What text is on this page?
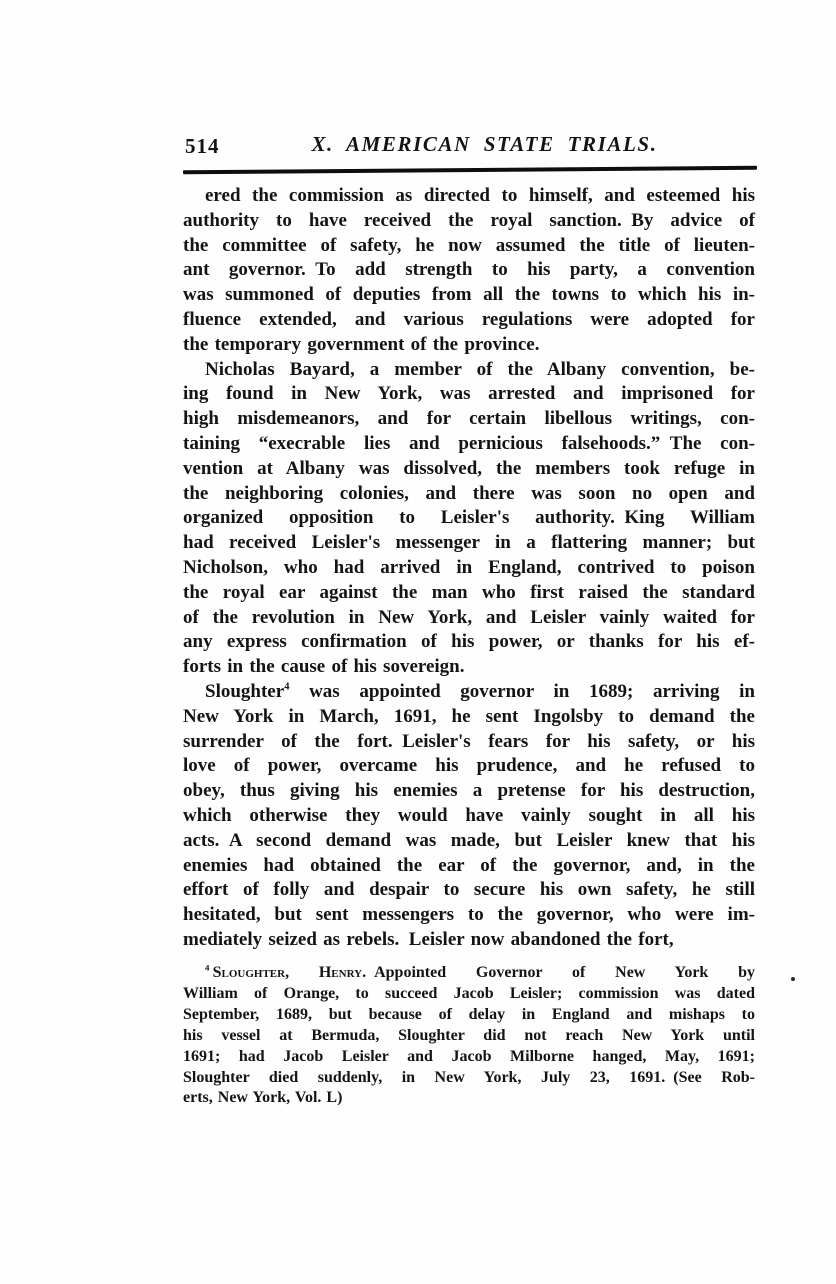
514	X. AMERICAN STATE TRIALS.
ered the commission as directed to himself, and esteemed his
authority to have received the royal sanction. By advice of
the committee of safety, he now assumed the title of lieuten-
ant governor. To add strength to his party, a convention
was summoned of deputies from all the towns to which his in-
fluence extended, and various regulations were adopted for
the temporary government of the province.
Nicholas Bayard, a member of the Albany convention, be-
ing found in New York, was arrested and imprisoned for
high misdemeanors, and for certain libellous writings, con-
taining “execrable lies and pernicious falsehoods.” The con-
vention at Albany was dissolved, the members took refuge in
the neighboring colonies, and there was soon no open and
organized opposition to Leisler's authority. King William
had received Leisler's messenger in a flattering manner; but
Nicholson, who had arrived in England, contrived to poison
the royal ear against the man who first raised the standard
of the revolution in New York, and Leisler vainly waited for
any express confirmation of his power, or thanks for his ef-
forts in the cause of his sovereign.
Sloughter$^4$ was appointed governor in 1689; arriving in
New York in March, 1691, he sent Ingolsby to demand the
surrender of the fort. Leisler's fears for his safety, or his
love of power, overcame his prudence, and he refused to
obey, thus giving his enemies a pretense for his destruction,
which otherwise they would have vainly sought in all his
acts. A second demand was made, but Leisler knew that his
enemies had obtained the ear of the governor, and, in the
effort of folly and despair to secure his own safety, he still
hesitated, but sent messengers to the governor, who were im-
mediately seized as rebels. Leisler now abandoned the fort,
$^4$  Sloughter, Henry. Appointed Governor of New York by
William of Orange, to succeed Jacob Leisler; commission was dated
September, 1689, but because of delay in England and mishaps to
his vessel at Bermuda, Sloughter did not reach New York until
1691; had Jacob Leisler and Jacob Milborne hanged, May, 1691;
Sloughter died suddenly, in New York, July 23, 1691. (See Rob-
erts, New York, Vol. L)
